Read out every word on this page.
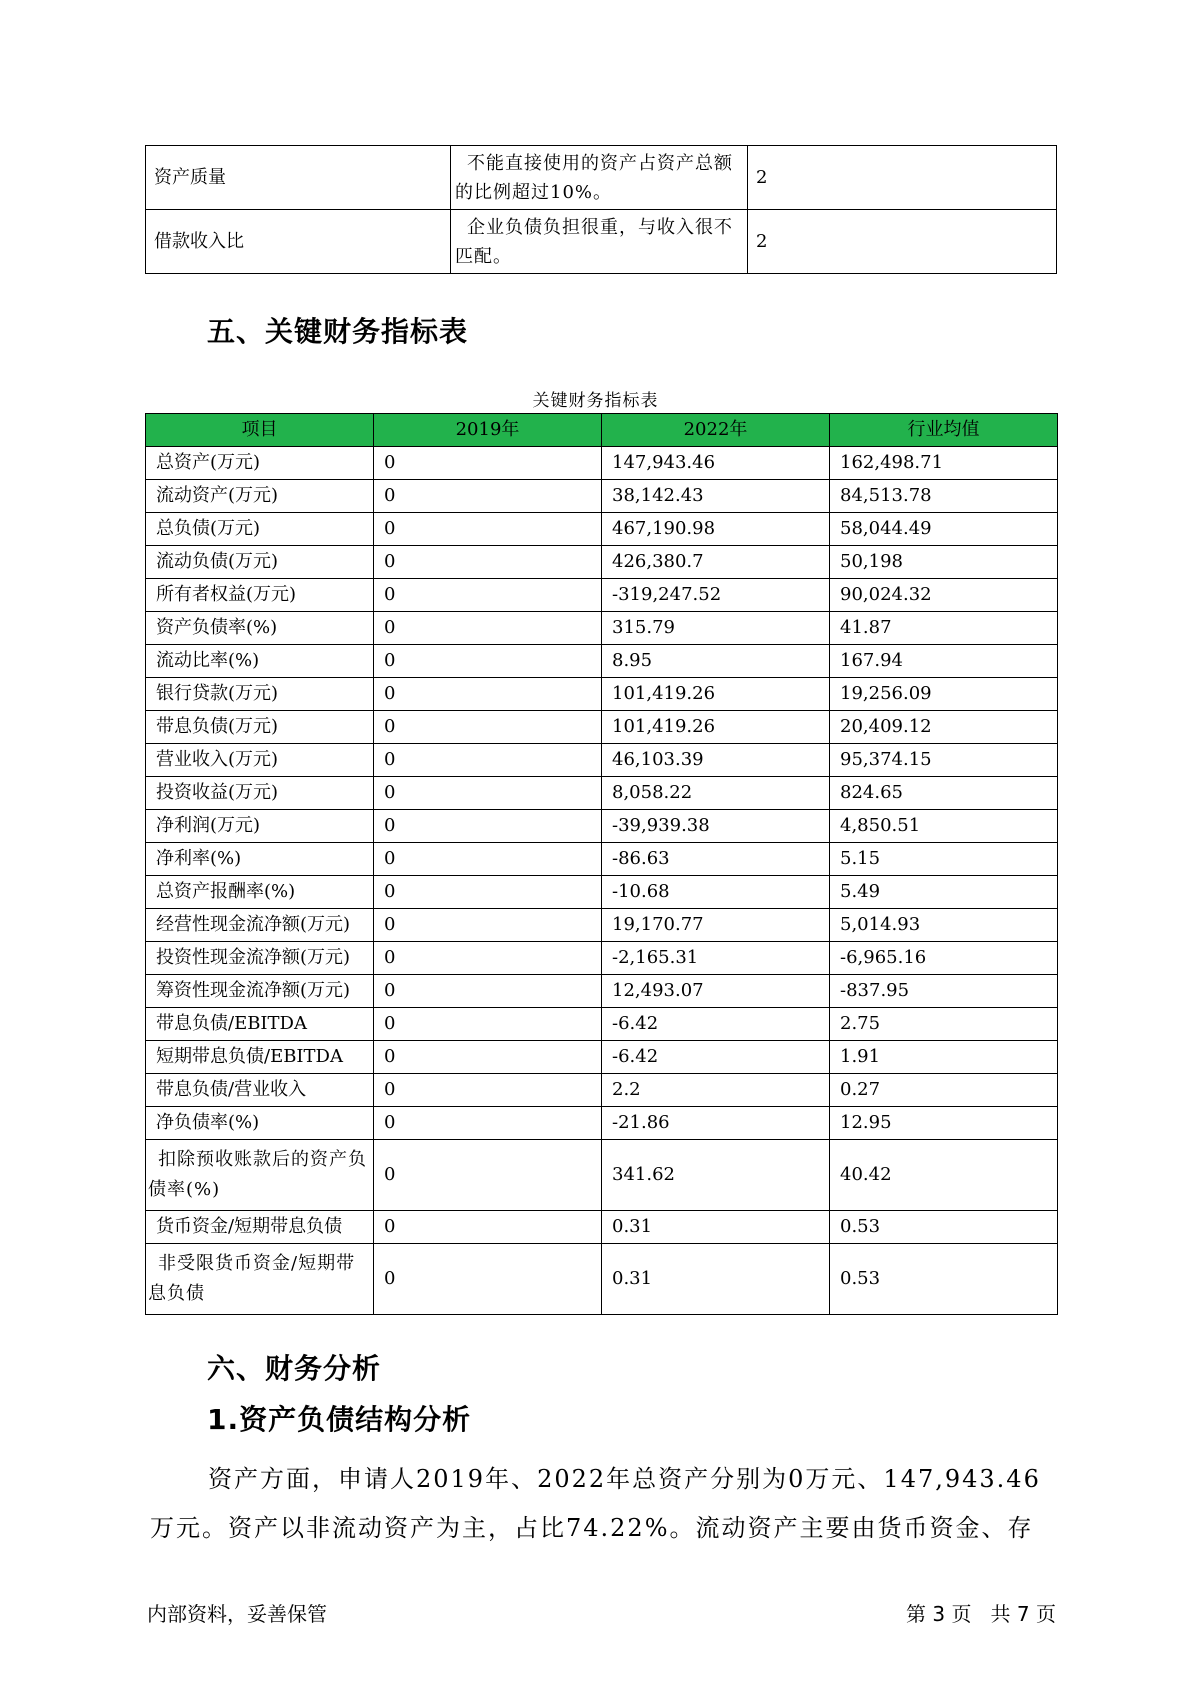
资产质量	不能直接使用的资产占资产总额的比例超过10%。	2
借款收入比	企业负债负担很重，与收入很不匹配。	2
五、关键财务指标表
关键财务指标表
项目	2019年	2022年	行业均值
总资产(万元)	0	147,943.46	162,498.71
流动资产(万元)	0	38,142.43	84,513.78
总负债(万元)	0	467,190.98	58,044.49
流动负债(万元)	0	426,380.7	50,198
所有者权益(万元)	0	-319,247.52	90,024.32
资产负债率(%)	0	315.79	41.87
流动比率(%)	0	8.95	167.94
银行贷款(万元)	0	101,419.26	19,256.09
带息负债(万元)	0	101,419.26	20,409.12
营业收入(万元)	0	46,103.39	95,374.15
投资收益(万元)	0	8,058.22	824.65
净利润(万元)	0	-39,939.38	4,850.51
净利率(%)	0	-86.63	5.15
总资产报酬率(%)	0	-10.68	5.49
经营性现金流净额(万元)	0	19,170.77	5,014.93
投资性现金流净额(万元)	0	-2,165.31	-6,965.16
筹资性现金流净额(万元)	0	12,493.07	-837.95
带息负债/EBITDA	0	-6.42	2.75
短期带息负债/EBITDA	0	-6.42	1.91
带息负债/营业收入	0	2.2	0.27
净负债率(%)	0	-21.86	12.95
扣除预收账款后的资产负债率(%)	0	341.62	40.42
货币资金/短期带息负债	0	0.31	0.53
非受限货币资金/短期带息负债	0	0.31	0.53
六、财务分析
1.资产负债结构分析
资产方面，申请人2019年、2022年总资产分别为0万元、147,943.46万元。资产以非流动资产为主，占比74.22%。流动资产主要由货币资金、存
内部资料，妥善保管	第 3 页   共 7 页
